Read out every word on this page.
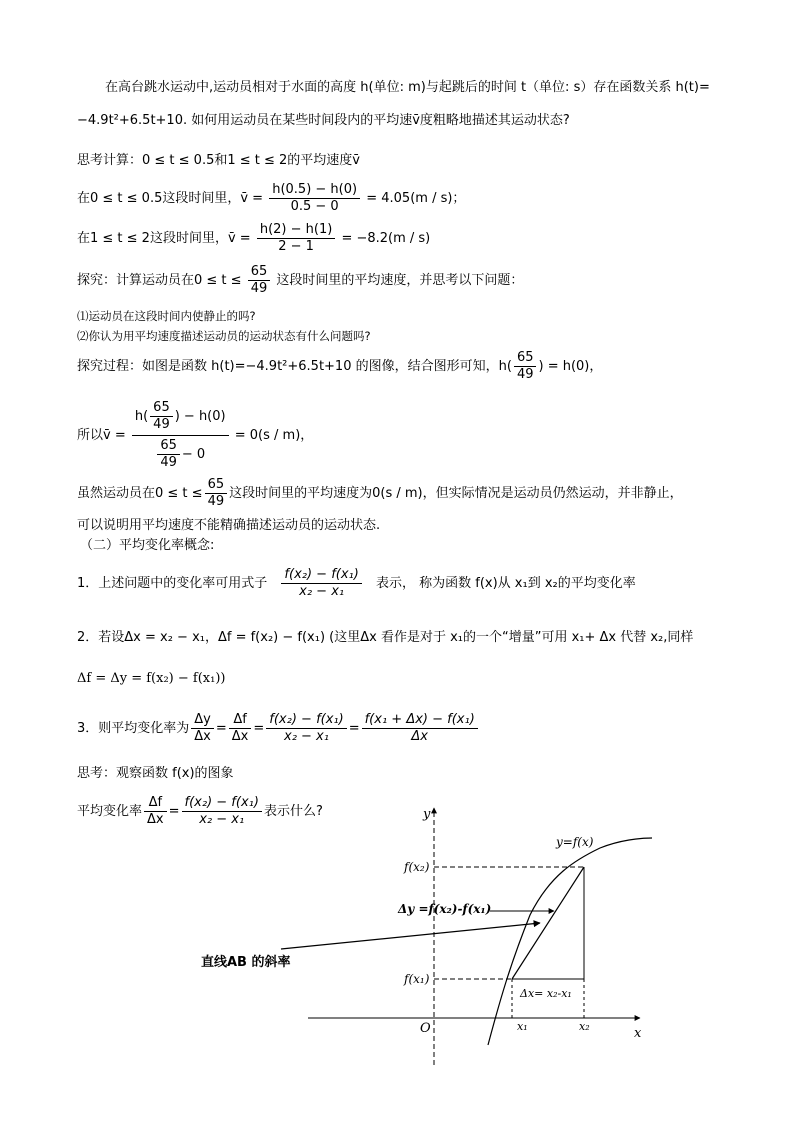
在高台跳水运动中,运动员相对于水面的高度 h(单位: m)与起跳后的时间 t（单位: s）存在函数关系 h(t)=
−4.9t²+6.5t+10. 如何用运动员在某些时间段内的平均速v̄度粗略地描述其运动状态?
思考计算：0 ≤ t ≤ 0.5和1 ≤ t ≤ 2的平均速度v̄
在0 ≤ t ≤ 0.5这段时间里，v̄ = $\frac{h(0.5) - h(0)}{0.5 - 0} = 4.05(m / s)$；
在1 ≤ t ≤ 2这段时间里，v̄ = $\frac{h(2) - h(1)}{2 - 1} = -8.2(m / s)$
探究：计算运动员在$0 \le t \le \frac{65}{49}$ 这段时间里的平均速度，并思考以下问题：
⑴运动员在这段时间内使静止的吗?
⑵你认为用平均速度描述运动员的运动状态有什么问题吗?
探究过程：如图是函数 h(t)=−4.9t²+6.5t+10 的图像，结合图形可知，$h( \frac{65}{49}$ ) = h(0)，
所以v̄ = $\frac{h( \frac{65}{49} ) - h(0)}{\frac{65}{49} - 0} = 0(s / m)$，
虽然运动员在$0 \le t \le \frac{65}{49}$ 这段时间里的平均速度为0(s / m)，但实际情况是运动员仍然运动，并非静止，
可以说明用平均速度不能精确描述运动员的运动状态.
（二）平均变化率概念:
1．上述问题中的变化率可用式子 $\frac{\text{f(x₂) − f(x₁)}}{\text{x₂ − x₁}}$ 表示， 称为函数 f(x)从 x₁到 x₂的平均变化率
2．若设Δx = x₂ − x₁，Δf = f(x₂) − f(x₁) (这里Δx 看作是对于 x₁的一个“增量”可用 x₁+ Δx 代替 x₂,同样
Δf = Δy = f(x₂) − f(x₁))
3．则平均变化率为 $\frac{\Delta y}{\Delta x} = \frac{\Delta f}{\Delta x} = \frac{\text{f(x₂) − f(x₁)}}{\text{x₂ − x₁}} = \frac{\text{f(x₁ + Δx) − f(x₁)}}{\Delta x}$
思考：观察函数 f(x)的图象
平均变化率 $\frac{\Delta f}{\Delta x} = \frac{\text{f(x₂) − f(x₁)}}{\text{x₂ − x₁}}$ 表示什么?	y
x
O
y=f(x)
f(x₂)
f(x₁)
Δy =f(x₂)-f(x₁)
Δx= x₂-x₁
x₁	x₂
直线AB 的斜率
